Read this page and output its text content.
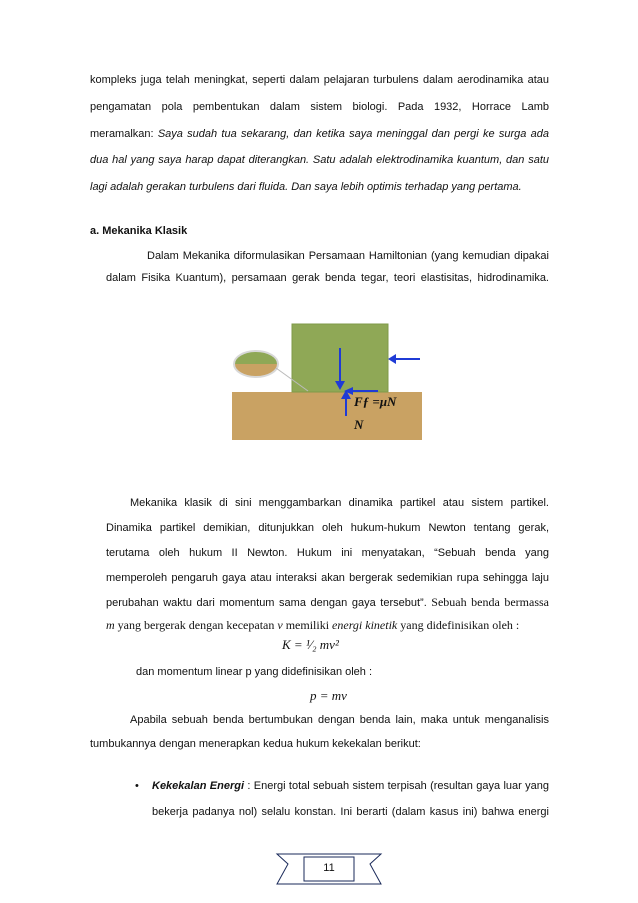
kompleks juga telah meningkat, seperti dalam pelajaran turbulens dalam aerodinamika atau
pengamatan pola pembentukan dalam sistem biologi. Pada 1932, Horrace Lamb
meramalkan: Saya sudah tua sekarang, dan ketika saya meninggal dan pergi ke surga ada
dua hal yang saya harap dapat diterangkan. Satu adalah elektrodinamika kuantum, dan satu
lagi adalah gerakan turbulens dari fluida. Dan saya lebih optimis terhadap yang pertama.
a. Mekanika Klasik
Dalam Mekanika diformulasikan Persamaan Hamiltonian (yang kemudian dipakai
dalam Fisika Kuantum), persamaan gerak benda tegar, teori elastisitas, hidrodinamika.
Fƒ =μN
N
Mekanika klasik di sini menggambarkan dinamika partikel atau sistem partikel.
Dinamika partikel demikian, ditunjukkan oleh hukum-hukum Newton tentang gerak,
terutama oleh hukum II Newton. Hukum ini menyatakan, “Sebuah benda yang
memperoleh pengaruh gaya atau interaksi akan bergerak sedemikian rupa sehingga laju
perubahan waktu dari momentum sama dengan gaya tersebut”. Sebuah benda bermassa
m yang bergerak dengan kecepatan v memiliki energi kinetik yang didefinisikan oleh :
K = ¹⁄₂ mv²
dan momentum linear p yang didefinisikan oleh :
p = mv
Apabila sebuah benda bertumbukan dengan benda lain, maka untuk menganalisis
tumbukannya dengan menerapkan kedua hukum kekekalan berikut:
• Kekekalan Energi : Energi total sebuah sistem terpisah (resultan gaya luar yang
bekerja padanya nol) selalu konstan. Ini berarti (dalam kasus ini) bahwa energi
11
